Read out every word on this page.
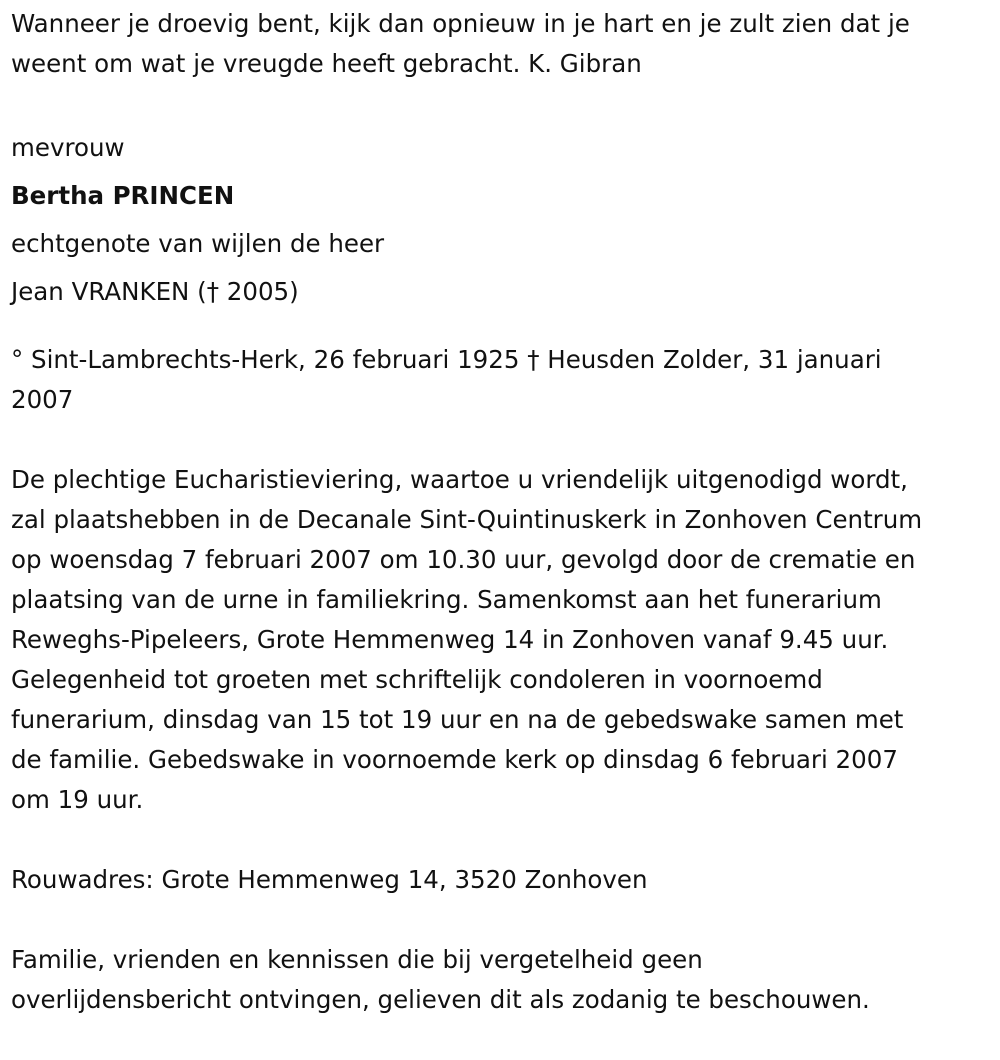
Wanneer je droevig bent, kijk dan opnieuw in je hart en je zult zien dat je
weent om wat je vreugde heeft gebracht. K. Gibran
mevrouw
Bertha PRINCEN
echtgenote van wijlen de heer
Jean VRANKEN († 2005)
° Sint-Lambrechts-Herk, 26 februari 1925 † Heusden Zolder, 31 januari
2007
De plechtige Eucharistieviering, waartoe u vriendelijk uitgenodigd wordt,
zal plaatshebben in de Decanale Sint-Quintinuskerk in Zonhoven Centrum
op woensdag 7 februari 2007 om 10.30 uur, gevolgd door de crematie en
plaatsing van de urne in familiekring. Samenkomst aan het funerarium
Reweghs-Pipeleers, Grote Hemmenweg 14 in Zonhoven vanaf 9.45 uur.
Gelegenheid tot groeten met schriftelijk condoleren in voornoemd
funerarium, dinsdag van 15 tot 19 uur en na de gebedswake samen met
de familie. Gebedswake in voornoemde kerk op dinsdag 6 februari 2007
om 19 uur.
Rouwadres: Grote Hemmenweg 14, 3520 Zonhoven
Familie, vrienden en kennissen die bij vergetelheid geen
overlijdensbericht ontvingen, gelieven dit als zodanig te beschouwen.
